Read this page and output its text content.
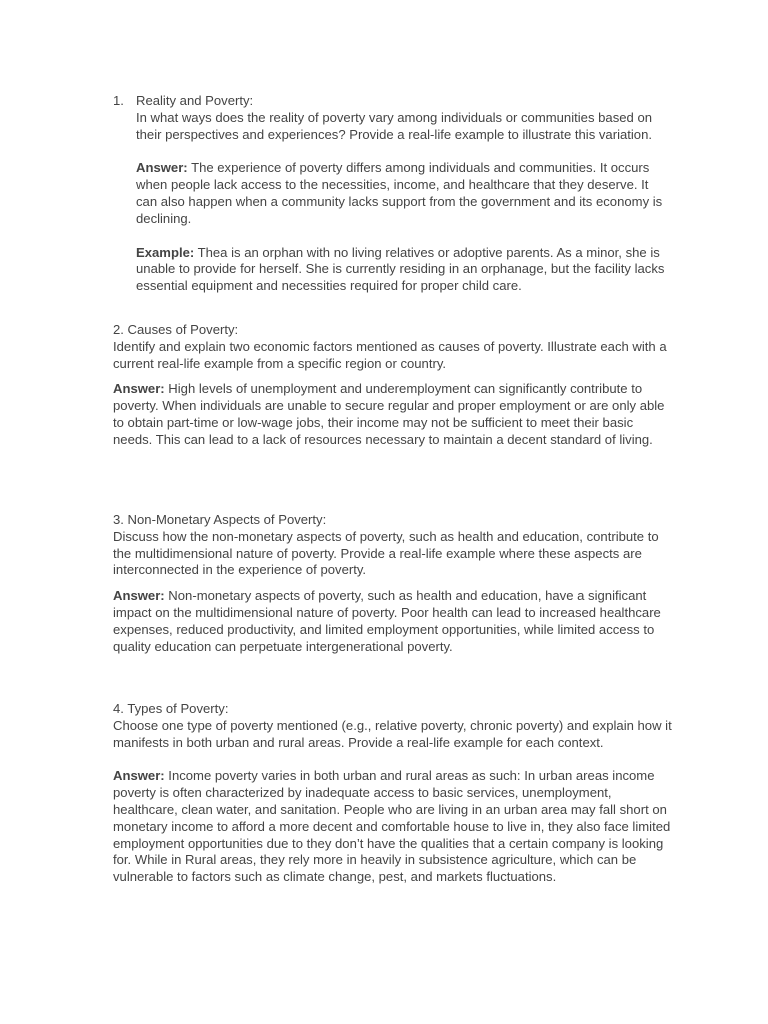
1. Reality and Poverty:

In what ways does the reality of poverty vary among individuals or communities based on their perspectives and experiences? Provide a real-life example to illustrate this variation.

Answer: The experience of poverty differs among individuals and communities. It occurs when people lack access to the necessities, income, and healthcare that they deserve. It can also happen when a community lacks support from the government and its economy is declining.

Example: Thea is an orphan with no living relatives or adoptive parents. As a minor, she is unable to provide for herself. She is currently residing in an orphanage, but the facility lacks essential equipment and necessities required for proper child care.

2. Causes of Poverty:

Identify and explain two economic factors mentioned as causes of poverty. Illustrate each with a current real-life example from a specific region or country.

Answer: High levels of unemployment and underemployment can significantly contribute to poverty. When individuals are unable to secure regular and proper employment or are only able to obtain part-time or low-wage jobs, their income may not be sufficient to meet their basic needs. This can lead to a lack of resources necessary to maintain a decent standard of living.

3. Non-Monetary Aspects of Poverty:

Discuss how the non-monetary aspects of poverty, such as health and education, contribute to the multidimensional nature of poverty. Provide a real-life example where these aspects are interconnected in the experience of poverty.

Answer: Non-monetary aspects of poverty, such as health and education, have a significant impact on the multidimensional nature of poverty. Poor health can lead to increased healthcare expenses, reduced productivity, and limited employment opportunities, while limited access to quality education can perpetuate intergenerational poverty.

4. Types of Poverty:

Choose one type of poverty mentioned (e.g., relative poverty, chronic poverty) and explain how it manifests in both urban and rural areas. Provide a real-life example for each context.

Answer: Income poverty varies in both urban and rural areas as such: In urban areas income poverty is often characterized by inadequate access to basic services, unemployment, healthcare, clean water, and sanitation. People who are living in an urban area may fall short on monetary income to afford a more decent and comfortable house to live in, they also face limited employment opportunities due to they don’t have the qualities that a certain company is looking for. While in Rural areas, they rely more in heavily in subsistence agriculture, which can be vulnerable to factors such as climate change, pest, and markets fluctuations.
